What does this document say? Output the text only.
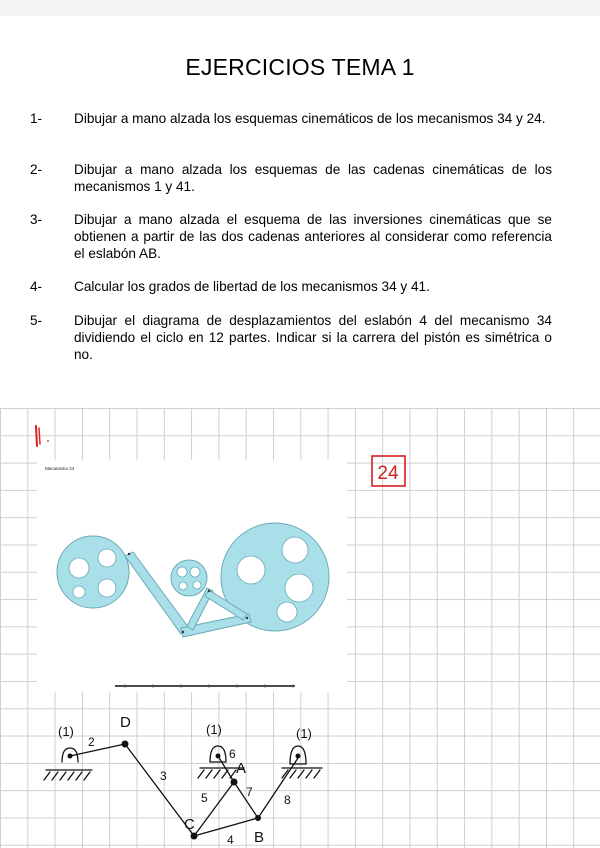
EJERCICIOS TEMA 1
1- Dibujar a mano alzada los esquemas cinemáticos de los mecanismos 34 y 24.
2- Dibujar a mano alzada los esquemas de las cadenas cinemáticas de los mecanismos 1 y 41.
3- Dibujar a mano alzada el esquema de las inversiones cinemáticas que se obtienen a partir de las dos cadenas anteriores al considerar como referencia el eslabón AB.
4- Calcular los grados de libertad de los mecanismos 34 y 41.
5- Dibujar el diagrama de desplazamientos del eslabón 4 del mecanismo 34 dividiendo el ciclo en 12 partes. Indicar si la carrera del pistón es simétrica o no.
24
Mecanismo 24
D
A
C
B
2
3
6
5	7
8
4
(1)	(1)	(1)
